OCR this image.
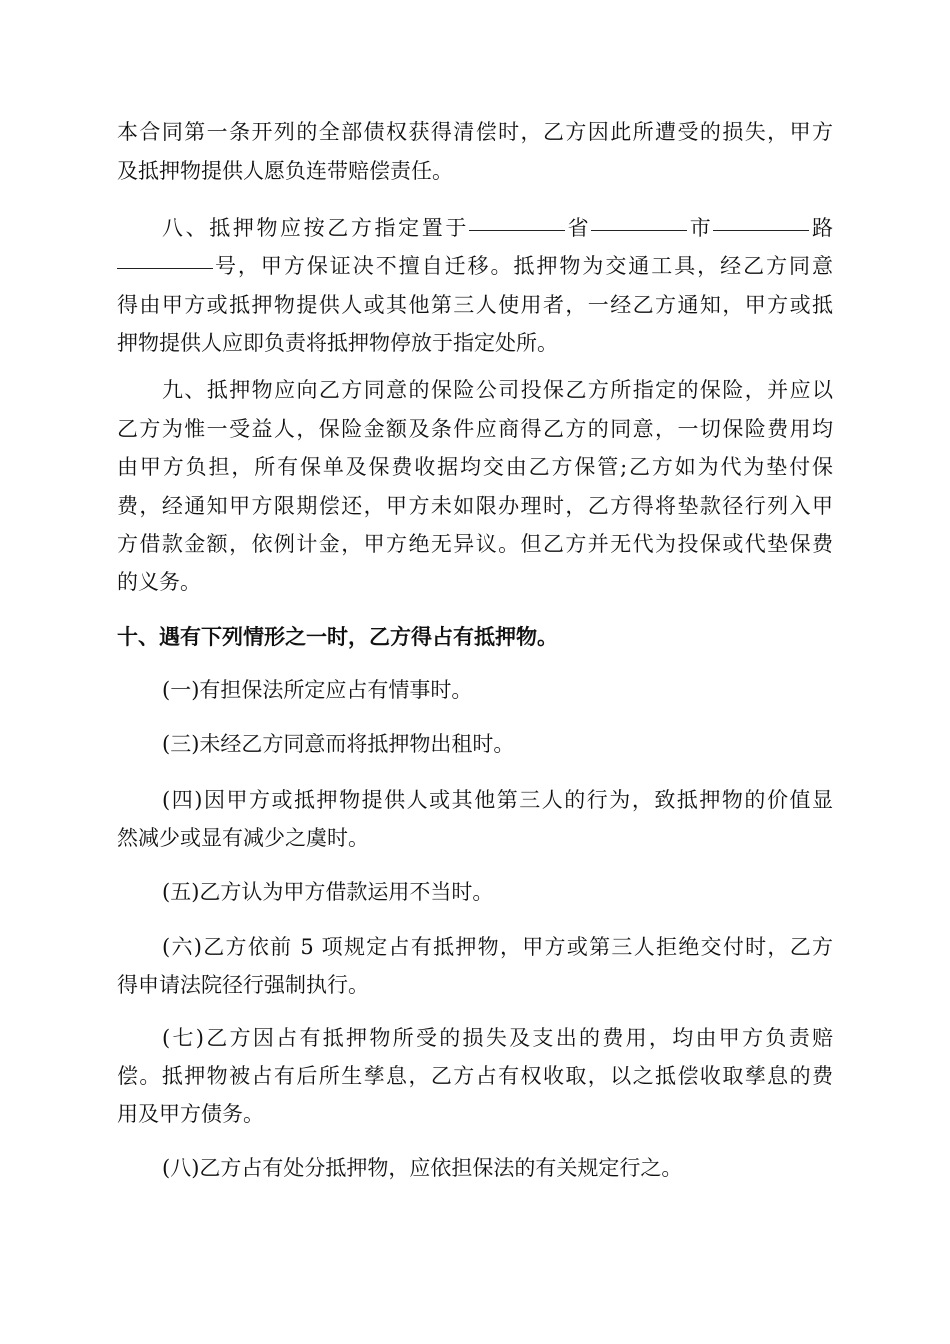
本合同第一条开列的全部债权获得清偿时，乙方因此所遭受的损失，甲方
及抵押物提供人愿负连带赔偿责任。
八、抵押物应按乙方指定置于	省	市	路
号，甲方保证决不擅自迁移。抵押物为交通工具，经乙方同意
得由甲方或抵押物提供人或其他第三人使用者，一经乙方通知，甲方或抵
押物提供人应即负责将抵押物停放于指定处所。
九、抵押物应向乙方同意的保险公司投保乙方所指定的保险，并应以
乙方为惟一受益人，保险金额及条件应商得乙方的同意，一切保险费用均
由甲方负担，所有保单及保费收据均交由乙方保管;乙方如为代为垫付保
费，经通知甲方限期偿还，甲方未如限办理时，乙方得将垫款径行列入甲
方借款金额，依例计金，甲方绝无异议。但乙方并无代为投保或代垫保费
的义务。
十、遇有下列情形之一时，乙方得占有抵押物。
(一)有担保法所定应占有情事时。
(三)未经乙方同意而将抵押物出租时。
(四)因甲方或抵押物提供人或其他第三人的行为，致抵押物的价值显
然减少或显有减少之虞时。
(五)乙方认为甲方借款运用不当时。
(六)乙方依前 5 项规定占有抵押物，甲方或第三人拒绝交付时，乙方
得申请法院径行强制执行。
(七)乙方因占有抵押物所受的损失及支出的费用，均由甲方负责赔
偿。抵押物被占有后所生孳息，乙方占有权收取，以之抵偿收取孳息的费
用及甲方债务。
(八)乙方占有处分抵押物，应依担保法的有关规定行之。
